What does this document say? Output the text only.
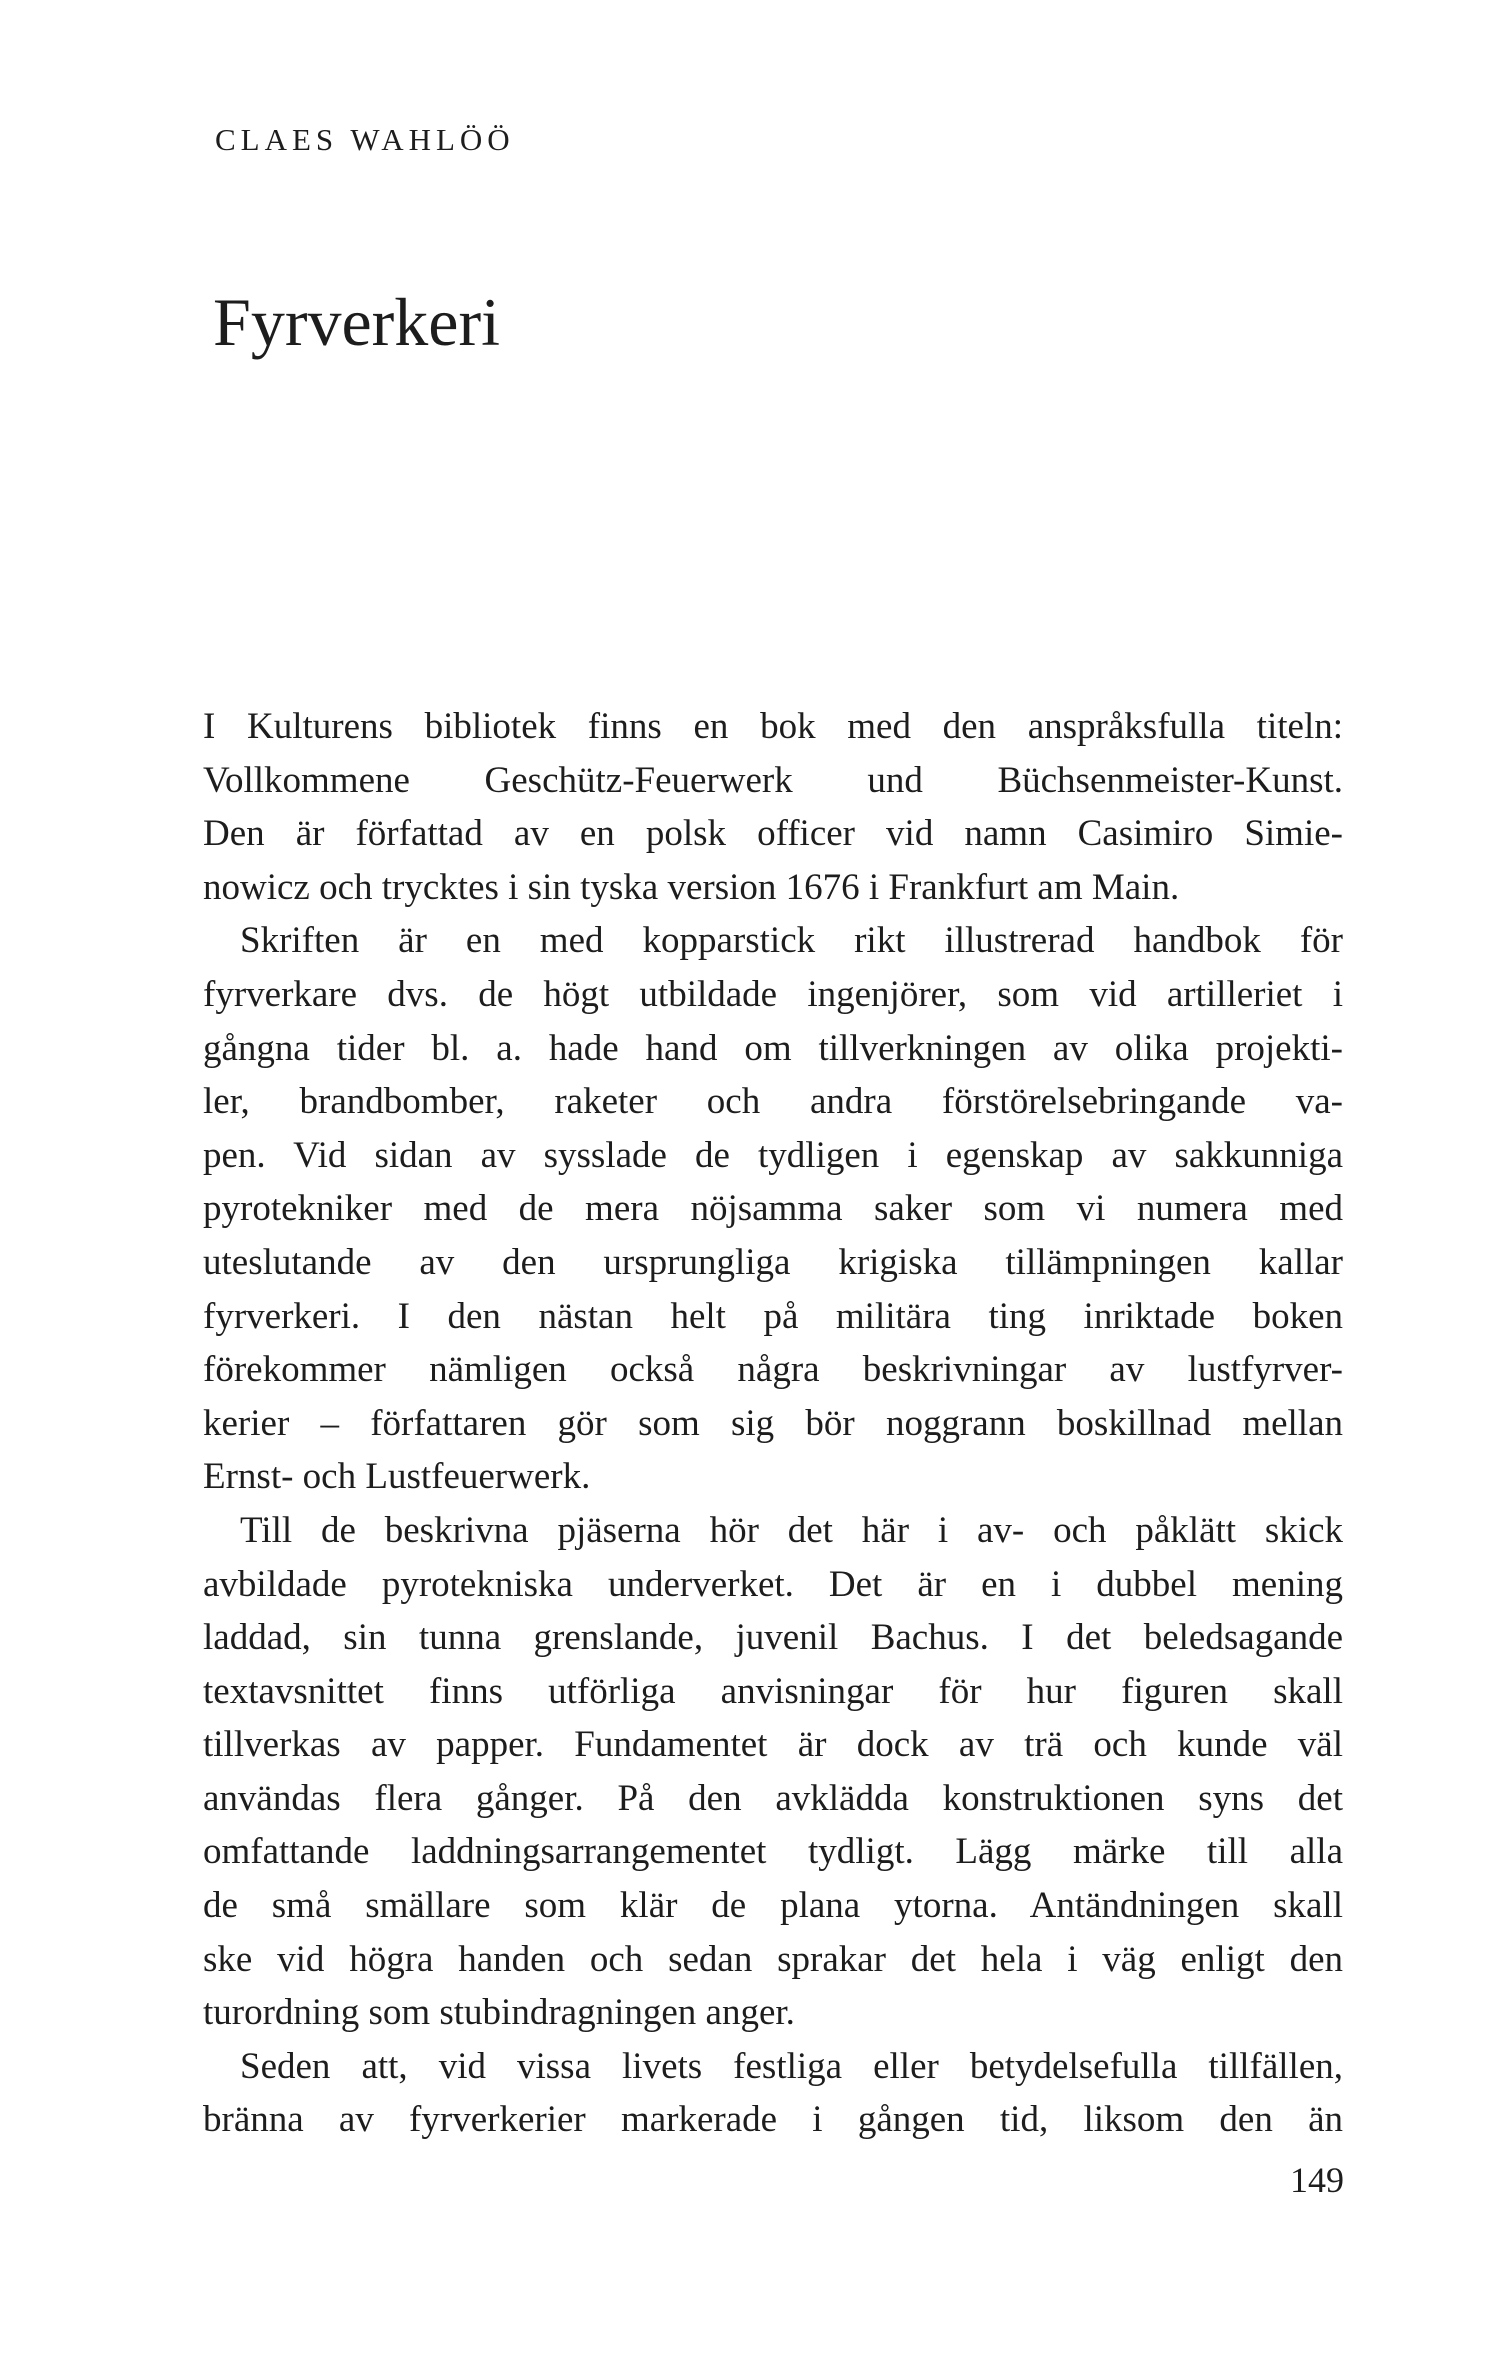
CLAES WAHLÖÖ
Fyrverkeri
I Kulturens bibliotek finns en bok med den anspråksfulla titeln:
Vollkommene Geschütz-Feuerwerk und Büchsenmeister-Kunst.
Den är författad av en polsk officer vid namn Casimiro Simie-
nowicz och trycktes i sin tyska version 1676 i Frankfurt am Main.
Skriften är en med kopparstick rikt illustrerad handbok för
fyrverkare dvs. de högt utbildade ingenjörer, som vid artilleriet i
gångna tider bl. a. hade hand om tillverkningen av olika projekti-
ler, brandbomber, raketer och andra förstörelsebringande va-
pen. Vid sidan av sysslade de tydligen i egenskap av sakkunniga
pyrotekniker med de mera nöjsamma saker som vi numera med
uteslutande av den ursprungliga krigiska tillämpningen kallar
fyrverkeri. I den nästan helt på militära ting inriktade boken
förekommer nämligen också några beskrivningar av lustfyrver-
kerier – författaren gör som sig bör noggrann boskillnad mellan
Ernst- och Lustfeuerwerk.
Till de beskrivna pjäserna hör det här i av- och påklätt skick
avbildade pyrotekniska underverket. Det är en i dubbel mening
laddad, sin tunna grenslande, juvenil Bachus. I det beledsagande
textavsnittet finns utförliga anvisningar för hur figuren skall
tillverkas av papper. Fundamentet är dock av trä och kunde väl
användas flera gånger. På den avklädda konstruktionen syns det
omfattande laddningsarrangementet tydligt. Lägg märke till alla
de små smällare som klär de plana ytorna. Antändningen skall
ske vid högra handen och sedan sprakar det hela i väg enligt den
turordning som stubindragningen anger.
Seden att, vid vissa livets festliga eller betydelsefulla tillfällen,
bränna av fyrverkerier markerade i gången tid, liksom den än
149
